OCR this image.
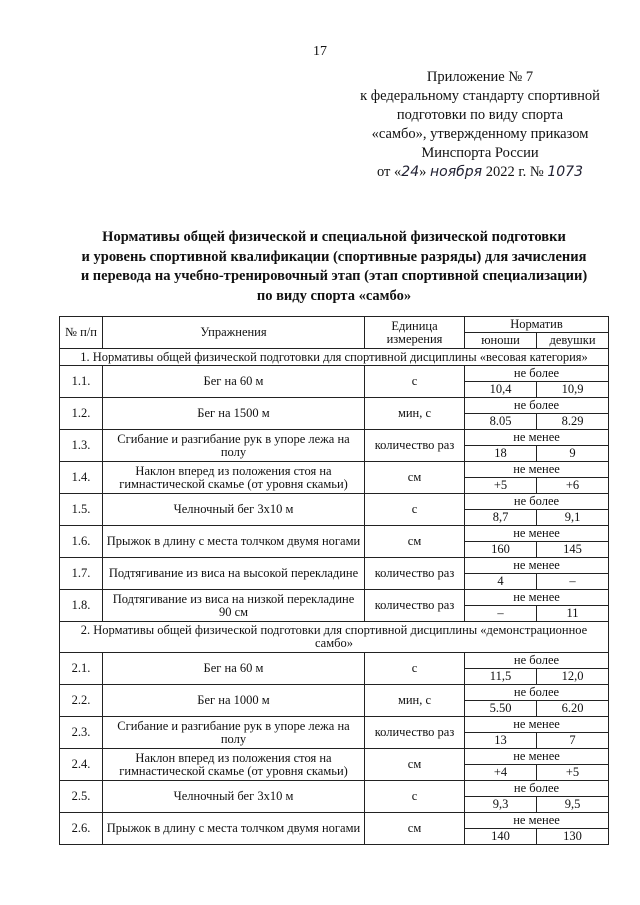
17
Приложение № 7
к федеральному стандарту спортивной
подготовки по виду спорта
«самбо», утвержденному приказом
Минспорта России
от «24» ноября 2022 г. № 1073
Нормативы общей физической и специальной физической подготовки
и уровень спортивной квалификации (спортивные разряды) для зачисления
и перевода на учебно-тренировочный этап (этап спортивной специализации)
по виду спорта «самбо»
№ п/п	Упражнения	Единица измерения	Норматив	
			юноши	девушки
1. Нормативы общей физической подготовки для спортивной дисциплины «весовая категория»				
1.1.	Бег на 60 м	с	не более	
			10,4	10,9
1.2.	Бег на 1500 м	мин, с	не более	
			8.05	8.29
1.3.	Сгибание и разгибание рук в упоре лежа на полу	количество раз	не менее	
			18	9
1.4.	Наклон вперед из положения стоя на гимнастической скамье (от уровня скамьи)	см	не менее	
			+5	+6
1.5.	Челночный бег 3х10 м	с	не более	
			8,7	9,1
1.6.	Прыжок в длину с места толчком двумя ногами	см	не менее	
			160	145
1.7.	Подтягивание из виса на высокой перекладине	количество раз	не менее	
			4	–
1.8.	Подтягивание из виса на низкой перекладине 90 см	количество раз	не менее	
			–	11
2. Нормативы общей физической подготовки для спортивной дисциплины «демонстрационное самбо»				
2.1.	Бег на 60 м	с	не более	
			11,5	12,0
2.2.	Бег на 1000 м	мин, с	не более	
			5.50	6.20
2.3.	Сгибание и разгибание рук в упоре лежа на полу	количество раз	не менее	
			13	7
2.4.	Наклон вперед из положения стоя на гимнастической скамье (от уровня скамьи)	см	не менее	
			+4	+5
2.5.	Челночный бег 3х10 м	с	не более	
			9,3	9,5
2.6.	Прыжок в длину с места толчком двумя ногами	см	не менее	
			140	130
